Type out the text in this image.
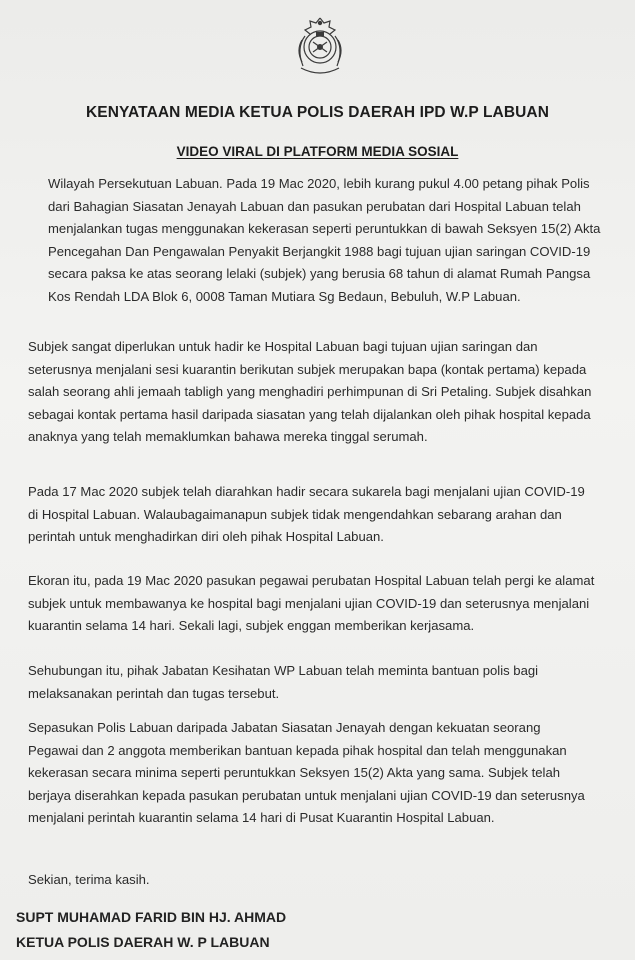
KENYATAAN MEDIA KETUA POLIS DAERAH IPD W.P LABUAN
VIDEO VIRAL DI PLATFORM MEDIA SOSIAL
Wilayah Persekutuan Labuan. Pada 19 Mac 2020, lebih kurang pukul 4.00 petang pihak Polis
dari Bahagian Siasatan Jenayah Labuan dan pasukan perubatan dari Hospital Labuan telah
menjalankan tugas menggunakan kekerasan seperti peruntukkan di bawah Seksyen 15(2) Akta
Pencegahan Dan Pengawalan Penyakit Berjangkit 1988 bagi tujuan ujian saringan COVID-19
secara paksa ke atas seorang lelaki (subjek) yang berusia 68 tahun di alamat Rumah Pangsa
Kos Rendah LDA Blok 6, 0008 Taman Mutiara Sg Bedaun, Bebuluh, W.P Labuan.
Subjek sangat diperlukan untuk hadir ke Hospital Labuan bagi tujuan ujian saringan dan
seterusnya menjalani sesi kuarantin berikutan subjek merupakan bapa (kontak pertama) kepada
salah seorang ahli jemaah tabligh yang menghadiri perhimpunan di Sri Petaling. Subjek disahkan
sebagai kontak pertama hasil daripada siasatan yang telah dijalankan oleh pihak hospital kepada
anaknya yang telah memaklumkan bahawa mereka tinggal serumah.
Pada 17 Mac 2020 subjek telah diarahkan hadir secara sukarela bagi menjalani ujian COVID-19
di Hospital Labuan. Walaubagaimanapun subjek tidak mengendahkan sebarang arahan dan
perintah untuk menghadirkan diri oleh pihak Hospital Labuan.
Ekoran itu, pada 19 Mac 2020 pasukan pegawai perubatan Hospital Labuan telah pergi ke alamat
subjek untuk membawanya ke hospital bagi menjalani ujian COVID-19 dan seterusnya menjalani
kuarantin selama 14 hari. Sekali lagi, subjek enggan memberikan kerjasama.
Sehubungan itu, pihak Jabatan Kesihatan WP Labuan telah meminta bantuan polis bagi
melaksanakan perintah dan tugas tersebut.
Sepasukan Polis Labuan daripada Jabatan Siasatan Jenayah dengan kekuatan seorang
Pegawai dan 2 anggota memberikan bantuan kepada pihak hospital dan telah menggunakan
kekerasan secara minima seperti peruntukkan Seksyen 15(2) Akta yang sama. Subjek telah
berjaya diserahkan kepada pasukan perubatan untuk menjalani ujian COVID-19 dan seterusnya
menjalani perintah kuarantin selama 14 hari di Pusat Kuarantin Hospital Labuan.
Sekian, terima kasih.
SUPT MUHAMAD FARID BIN HJ. AHMAD
KETUA POLIS DAERAH W. P LABUAN
